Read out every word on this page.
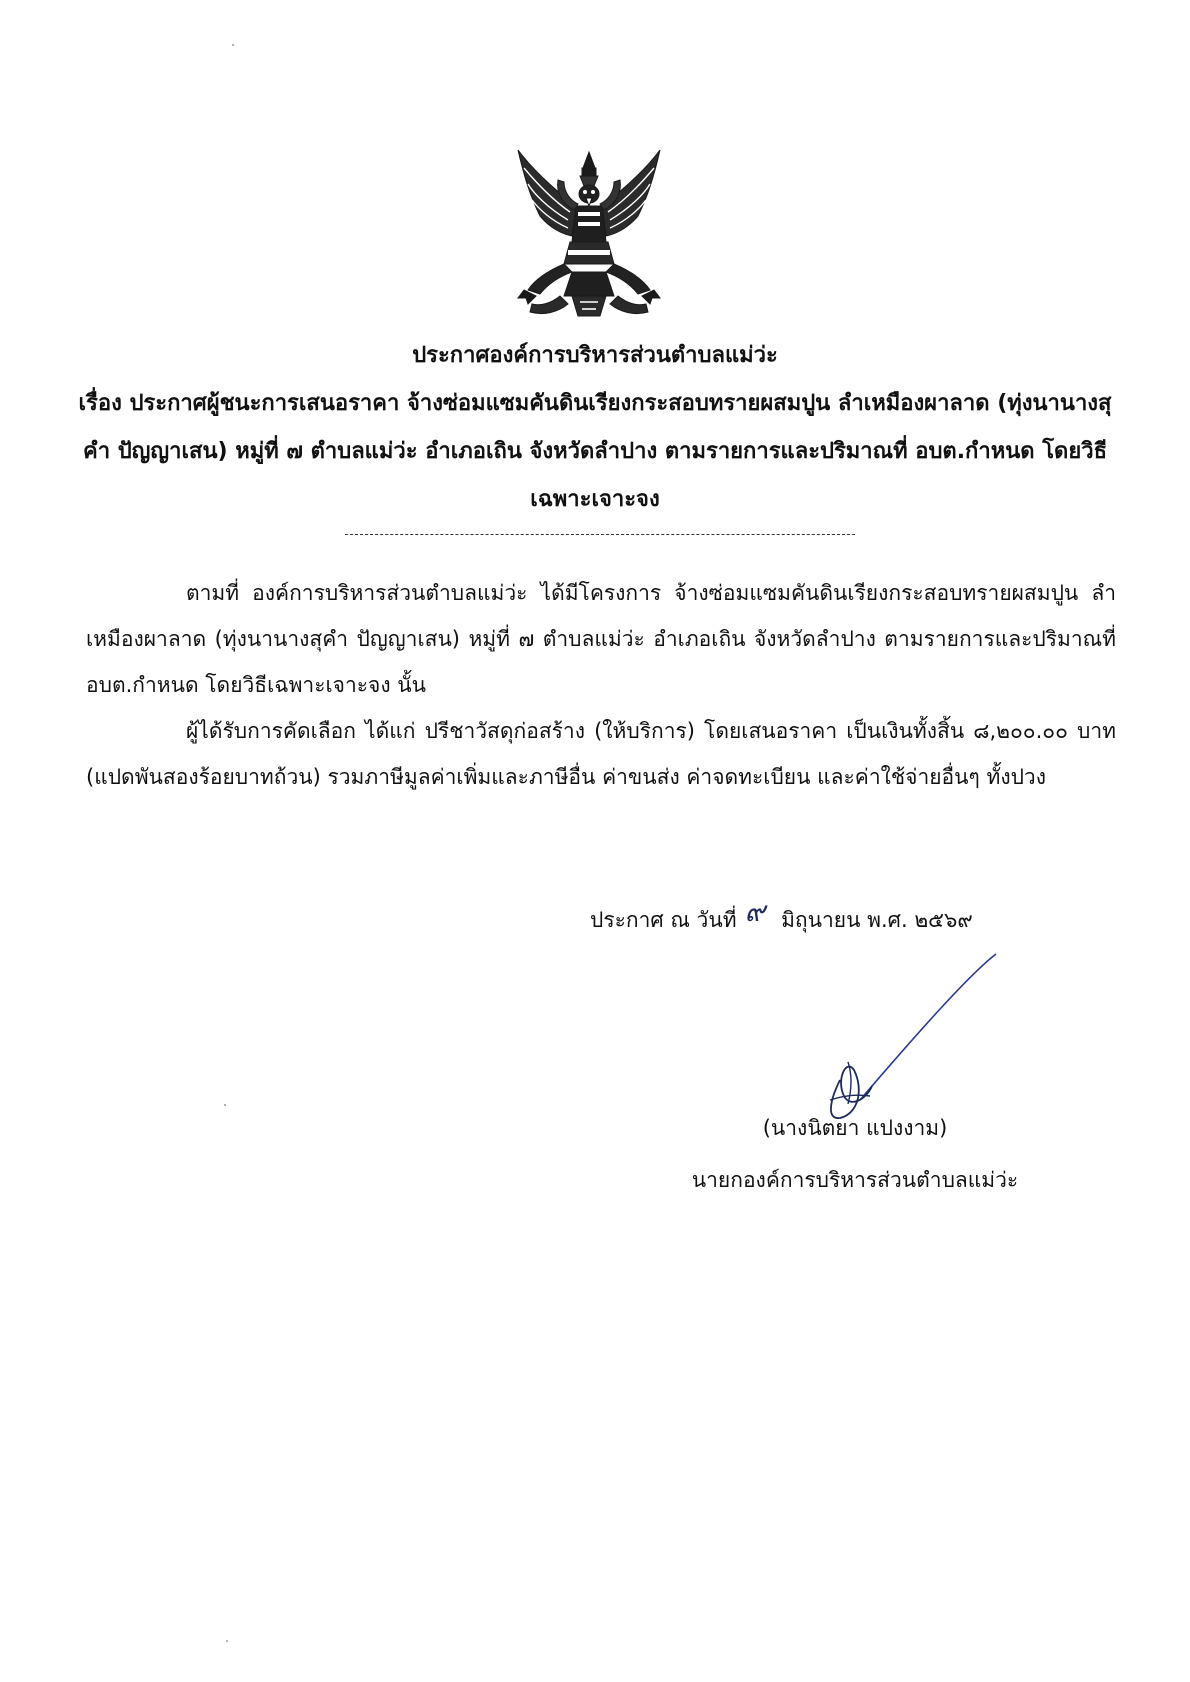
ประกาศองค์การบริหารส่วนตำบลแม่ว่ะ
เรื่อง ประกาศผู้ชนะการเสนอราคา จ้างซ่อมแซมคันดินเรียงกระสอบทรายผสมปูน ลำเหมืองผาลาด (ทุ่งนานางสุคำ ปัญญาเสน) หมู่ที่ ๗ ตำบลแม่ว่ะ อำเภอเถิน จังหวัดลำปาง ตามรายการและปริมาณที่ อบต.กำหนด โดยวิธีเฉพาะเจาะจง
ตามที่ องค์การบริหารส่วนตำบลแม่ว่ะ ได้มีโครงการ จ้างซ่อมแซมคันดินเรียงกระสอบทรายผสมปูน ลำเหมืองผาลาด (ทุ่งนานางสุคำ ปัญญาเสน) หมู่ที่ ๗ ตำบลแม่ว่ะ อำเภอเถิน จังหวัดลำปาง ตามรายการและปริมาณที่ อบต.กำหนด โดยวิธีเฉพาะเจาะจง นั้น
ผู้ได้รับการคัดเลือก ได้แก่ ปรีชาวัสดุก่อสร้าง (ให้บริการ) โดยเสนอราคา เป็นเงินทั้งสิ้น ๘,๒๐๐.๐๐ บาท (แปดพันสองร้อยบาทถ้วน) รวมภาษีมูลค่าเพิ่มและภาษีอื่น ค่าขนส่ง ค่าจดทะเบียน และค่าใช้จ่ายอื่นๆ ทั้งปวง
ประกาศ ณ วันที่ ๙ มิถุนายน พ.ศ. ๒๕๖๙
(นางนิตยา แปงงาม)
นายกองค์การบริหารส่วนตำบลแม่ว่ะ
